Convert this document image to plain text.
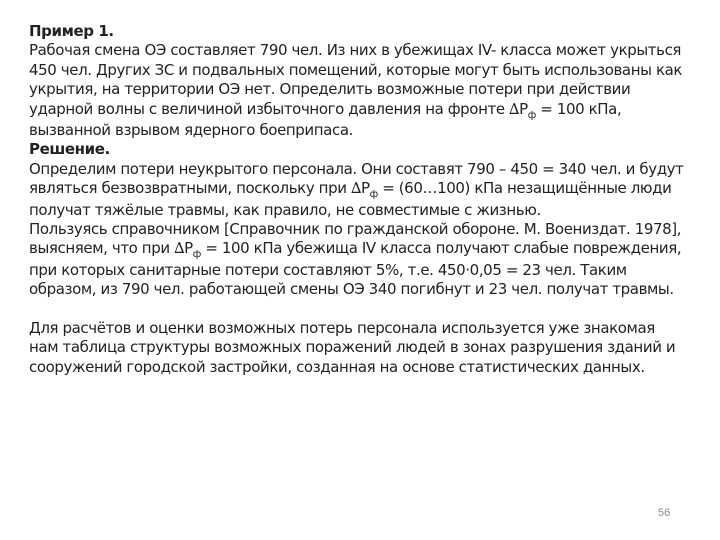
Пример 1.
Рабочая смена ОЭ составляет 790 чел. Из них в убежищах IV- класса может укрыться
450 чел. Других ЗС и подвальных помещений, которые могут быть использованы как
укрытия, на территории ОЭ нет. Определить возможные потери при действии
ударной волны с величиной избыточного давления на фронте $\Delta P_ф = 100$ кПа,
вызванной взрывом ядерного боеприпаса.
Решение.
Определим потери неукрытого персонала. Они составят 790 – 450 = 340 чел. и будут
являться безвозвратными, поскольку при $\Delta P_ф$ = (60…100) кПа незащищённые люди
получат тяжёлые травмы, как правило, не совместимые с жизнью.
Пользуясь справочником [Справочник по гражданской обороне. М. Воениздат. 1978],
выясняем, что при $\Delta P_ф = 100$ кПа убежища IV класса получают слабые повреждения,
при которых санитарные потери составляют 5%, т.е. 450·0,05 = 23 чел. Таким
образом, из 790 чел. работающей смены ОЭ 340 погибнут и 23 чел. получат травмы.
Для расчётов и оценки возможных потерь персонала используется уже знакомая
нам таблица структуры возможных поражений людей в зонах разрушения зданий и
сооружений городской застройки, созданная на основе статистических данных.
56
